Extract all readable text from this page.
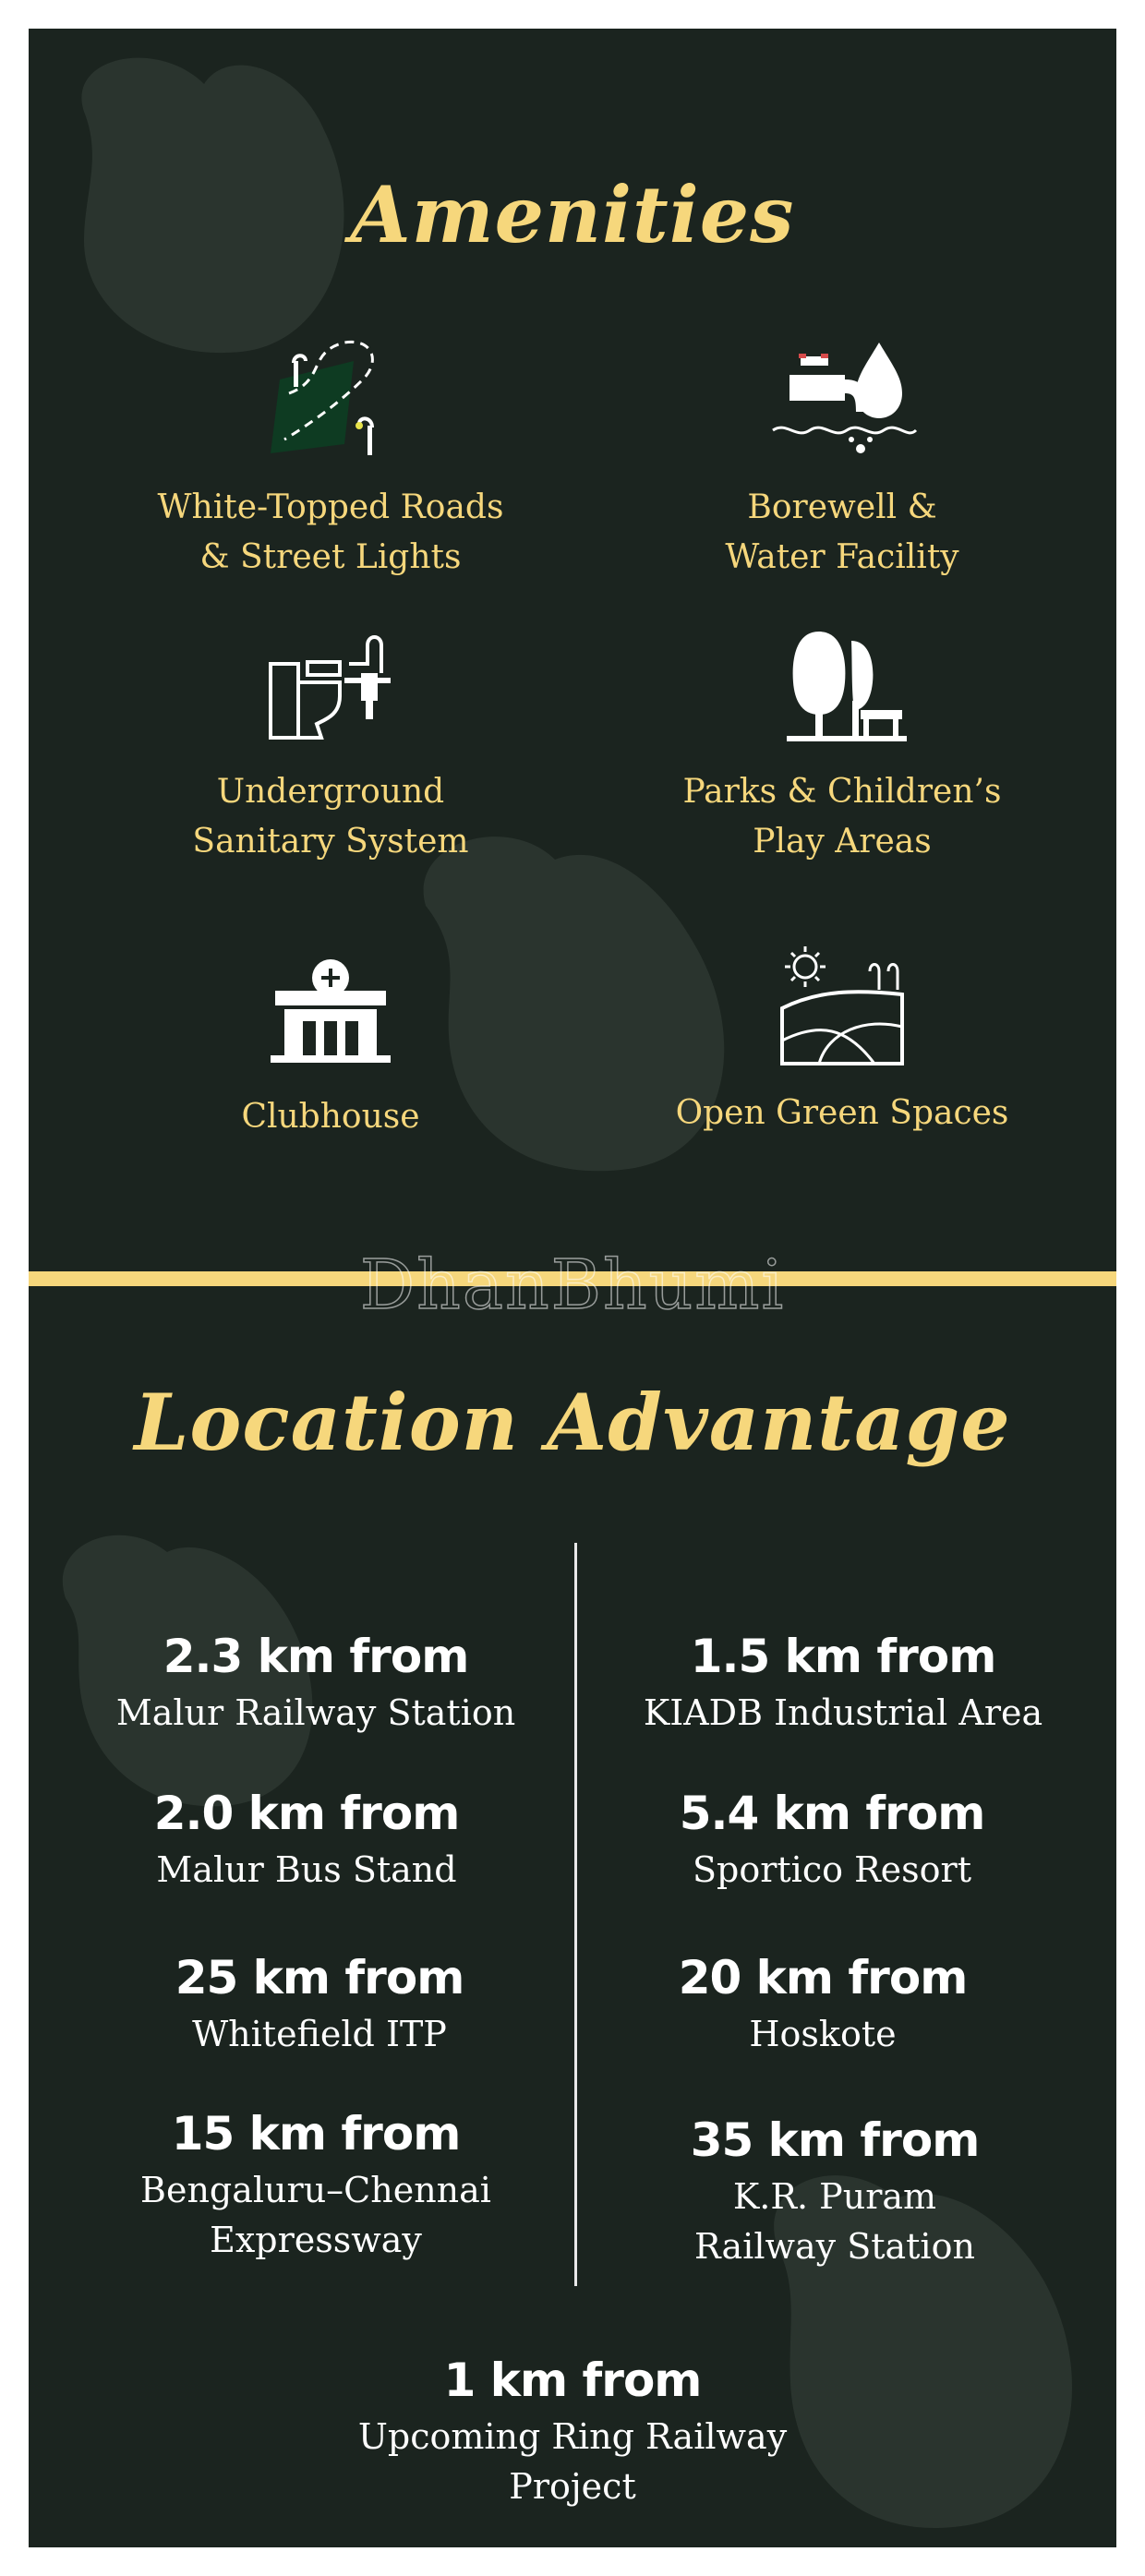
Amenities
White-Topped Roads
& Street Lights
Borewell &
Water Facility
Underground
Sanitary System
Parks & Children’s
Play Areas
Clubhouse	Open Green Spaces
DhanBhumi
Location Advantage
2.3 km from
Malur Railway Station
2.0 km from
Malur Bus Stand
25 km from
Whitefield ITP
15 km from
Bengaluru–Chennai
Expressway
1.5 km from
KIADB Industrial Area
5.4 km from
Sportico Resort
20 km from
Hoskote
35 km from
K.R. Puram
Railway Station
1 km from
Upcoming Ring Railway Project
